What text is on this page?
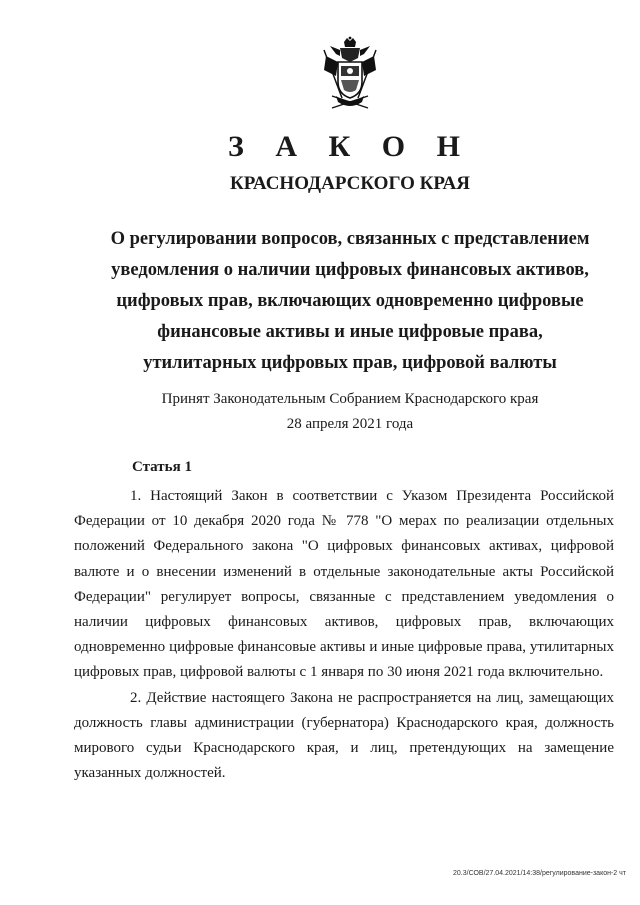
З А К О Н
КРАСНОДАРСКОГО КРАЯ
О регулировании вопросов, связанных с представлением уведомления о наличии цифровых финансовых активов, цифровых прав, включающих одновременно цифровые финансовые активы и иные цифровые права, утилитарных цифровых прав, цифровой валюты
Принят Законодательным Собранием Краснодарского края
28 апреля 2021 года
Статья 1

1. Настоящий Закон в соответствии с Указом Президента Российской Федерации от 10 декабря 2020 года № 778 "О мерах по реализации отдельных положений Федерального закона "О цифровых финансовых активах, цифровой валюте и о внесении изменений в отдельные законодательные акты Российской Федерации" регулирует вопросы, связанные с представлением уведомления о наличии цифровых финансовых активов, цифровых прав, включающих одновременно цифровые финансовые активы и иные цифровые права, утилитарных цифровых прав, цифровой валюты с 1 января по 30 июня 2021 года включительно.

2. Действие настоящего Закона не распространяется на лиц, замещающих должность главы администрации (губернатора) Краснодарского края, должность мирового судьи Краснодарского края, и лиц, претендующих на замещение указанных должностей.

20.3/СОВ/27.04.2021/14:38/регулирование-закон-2 чт
